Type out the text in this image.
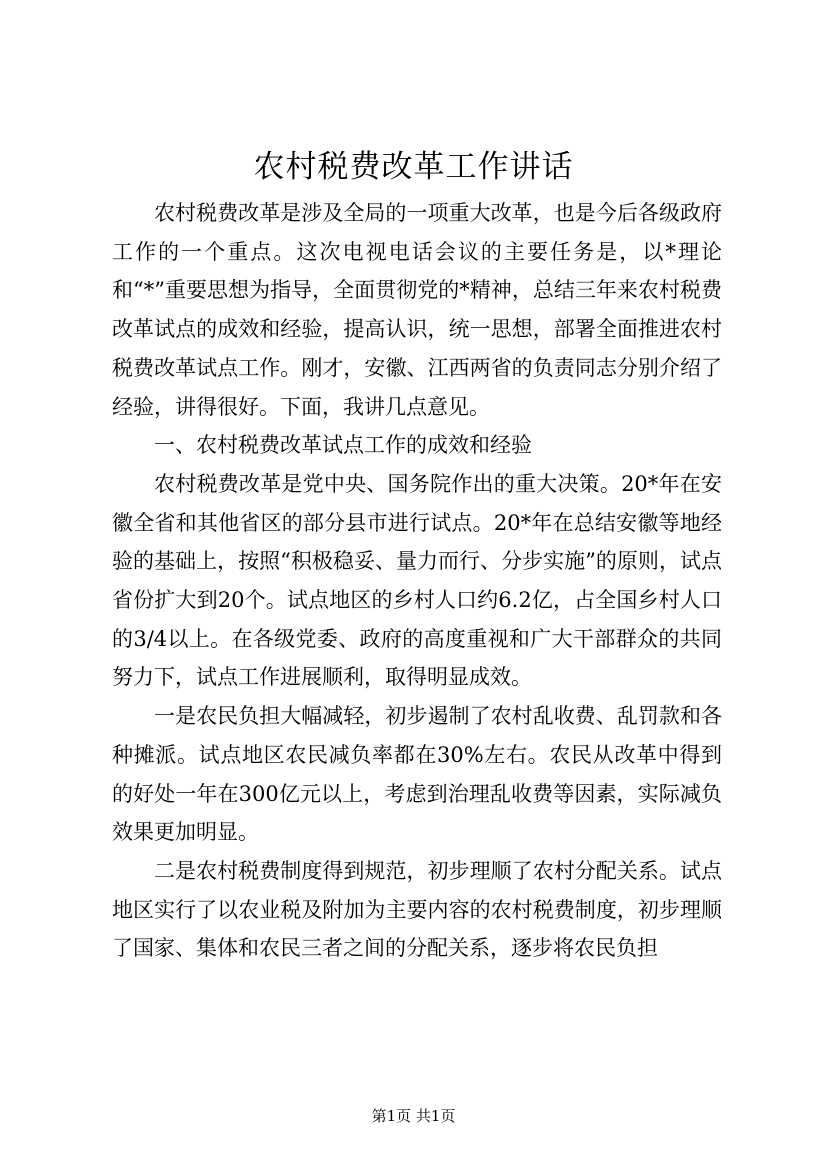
农村税费改革工作讲话

农村税费改革是涉及全局的一项重大改革，也是今后各级政府工作的一个重点。这次电视电话会议的主要任务是，以*理论和“*”重要思想为指导，全面贯彻党的*精神，总结三年来农村税费改革试点的成效和经验，提高认识，统一思想，部署全面推进农村税费改革试点工作。刚才，安徽、江西两省的负责同志分别介绍了经验，讲得很好。下面，我讲几点意见。

一、农村税费改革试点工作的成效和经验

农村税费改革是党中央、国务院作出的重大决策。20*年在安徽全省和其他省区的部分县市进行试点。20*年在总结安徽等地经验的基础上，按照“积极稳妥、量力而行、分步实施”的原则，试点省份扩大到20个。试点地区的乡村人口约6.2亿，占全国乡村人口的3/4以上。在各级党委、政府的高度重视和广大干部群众的共同努力下，试点工作进展顺利，取得明显成效。

一是农民负担大幅减轻，初步遏制了农村乱收费、乱罚款和各种摊派。试点地区农民减负率都在30%左右。农民从改革中得到的好处一年在300亿元以上，考虑到治理乱收费等因素，实际减负效果更加明显。

二是农村税费制度得到规范，初步理顺了农村分配关系。试点地区实行了以农业税及附加为主要内容的农村税费制度，初步理顺了国家、集体和农民三者之间的分配关系，逐步将农民负担

第1页 共1页
